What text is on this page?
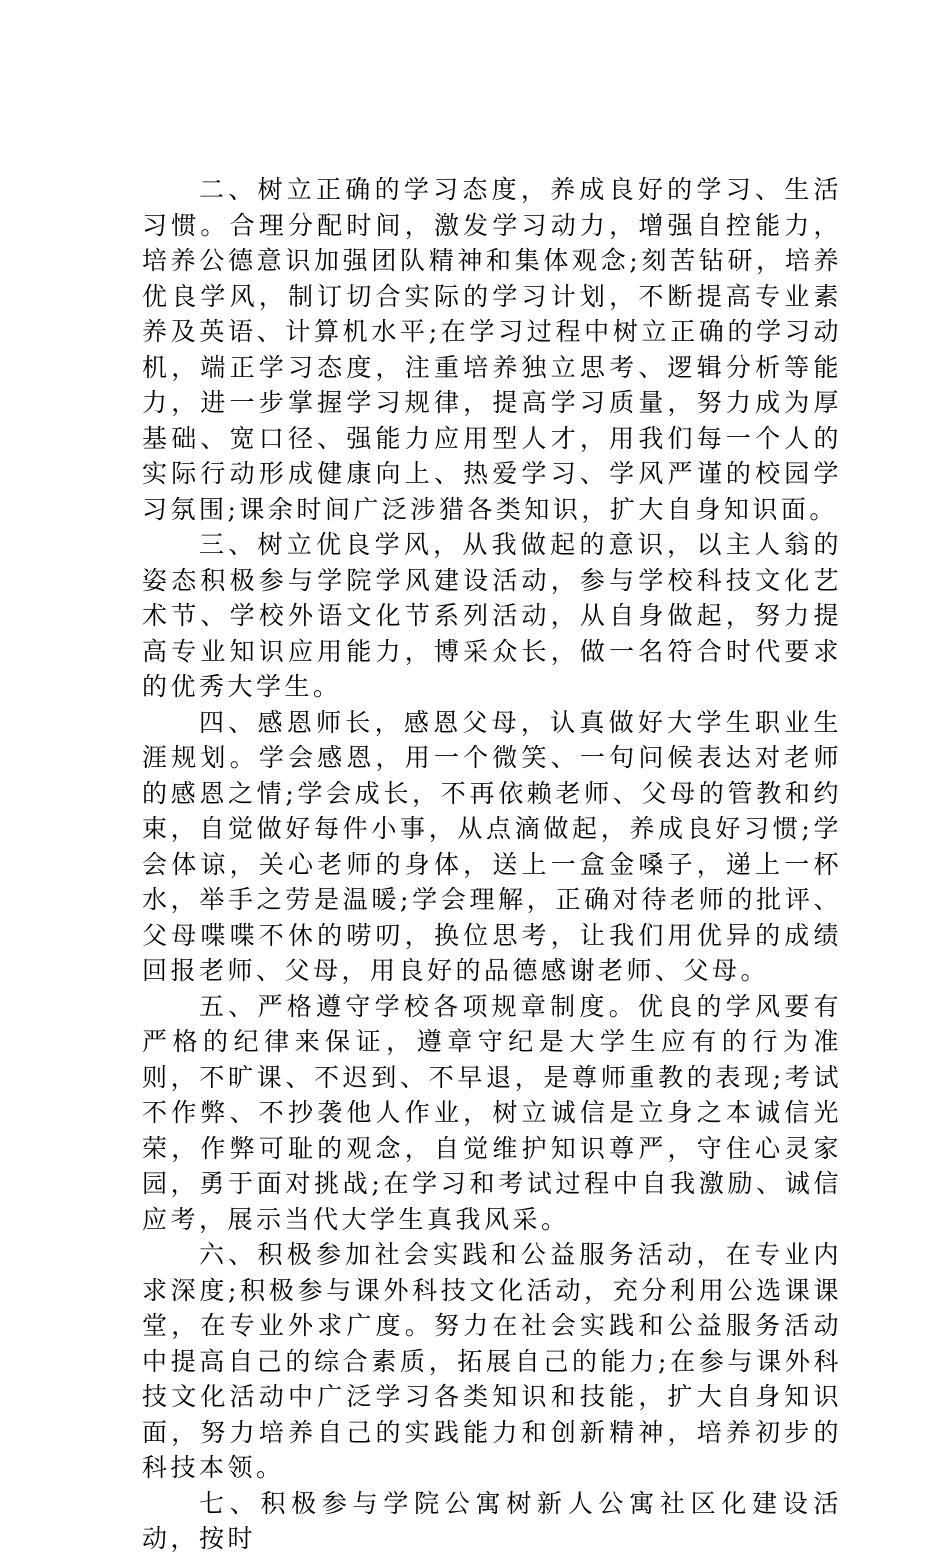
二、树立正确的学习态度，养成良好的学习、生活习惯。合理分配时间，激发学习动力，增强自控能力，培养公德意识加强团队精神和集体观念;刻苦钻研，培养优良学风，制订切合实际的学习计划，不断提高专业素养及英语、计算机水平;在学习过程中树立正确的学习动机，端正学习态度，注重培养独立思考、逻辑分析等能力，进一步掌握学习规律，提高学习质量，努力成为厚基础、宽口径、强能力应用型人才，用我们每一个人的实际行动形成健康向上、热爱学习、学风严谨的校园学习氛围;课余时间广泛涉猎各类知识，扩大自身知识面。

三、树立优良学风，从我做起的意识，以主人翁的姿态积极参与学院学风建设活动，参与学校科技文化艺术节、学校外语文化节系列活动，从自身做起，努力提高专业知识应用能力，博采众长，做一名符合时代要求的优秀大学生。

四、感恩师长，感恩父母，认真做好大学生职业生涯规划。学会感恩，用一个微笑、一句问候表达对老师的感恩之情;学会成长，不再依赖老师、父母的管教和约束，自觉做好每件小事，从点滴做起，养成良好习惯;学会体谅，关心老师的身体，送上一盒金嗓子，递上一杯水，举手之劳是温暖;学会理解，正确对待老师的批评、父母喋喋不休的唠叨，换位思考，让我们用优异的成绩回报老师、父母，用良好的品德感谢老师、父母。

五、严格遵守学校各项规章制度。优良的学风要有严格的纪律来保证，遵章守纪是大学生应有的行为准则，不旷课、不迟到、不早退，是尊师重教的表现;考试不作弊、不抄袭他人作业，树立诚信是立身之本诚信光荣，作弊可耻的观念，自觉维护知识尊严，守住心灵家园，勇于面对挑战;在学习和考试过程中自我激励、诚信应考，展示当代大学生真我风采。

六、积极参加社会实践和公益服务活动，在专业内求深度;积极参与课外科技文化活动，充分利用公选课课堂，在专业外求广度。努力在社会实践和公益服务活动中提高自己的综合素质，拓展自己的能力;在参与课外科技文化活动中广泛学习各类知识和技能，扩大自身知识面，努力培养自己的实践能力和创新精神，培养初步的科技本领。

七、积极参与学院公寓树新人公寓社区化建设活动，按时
